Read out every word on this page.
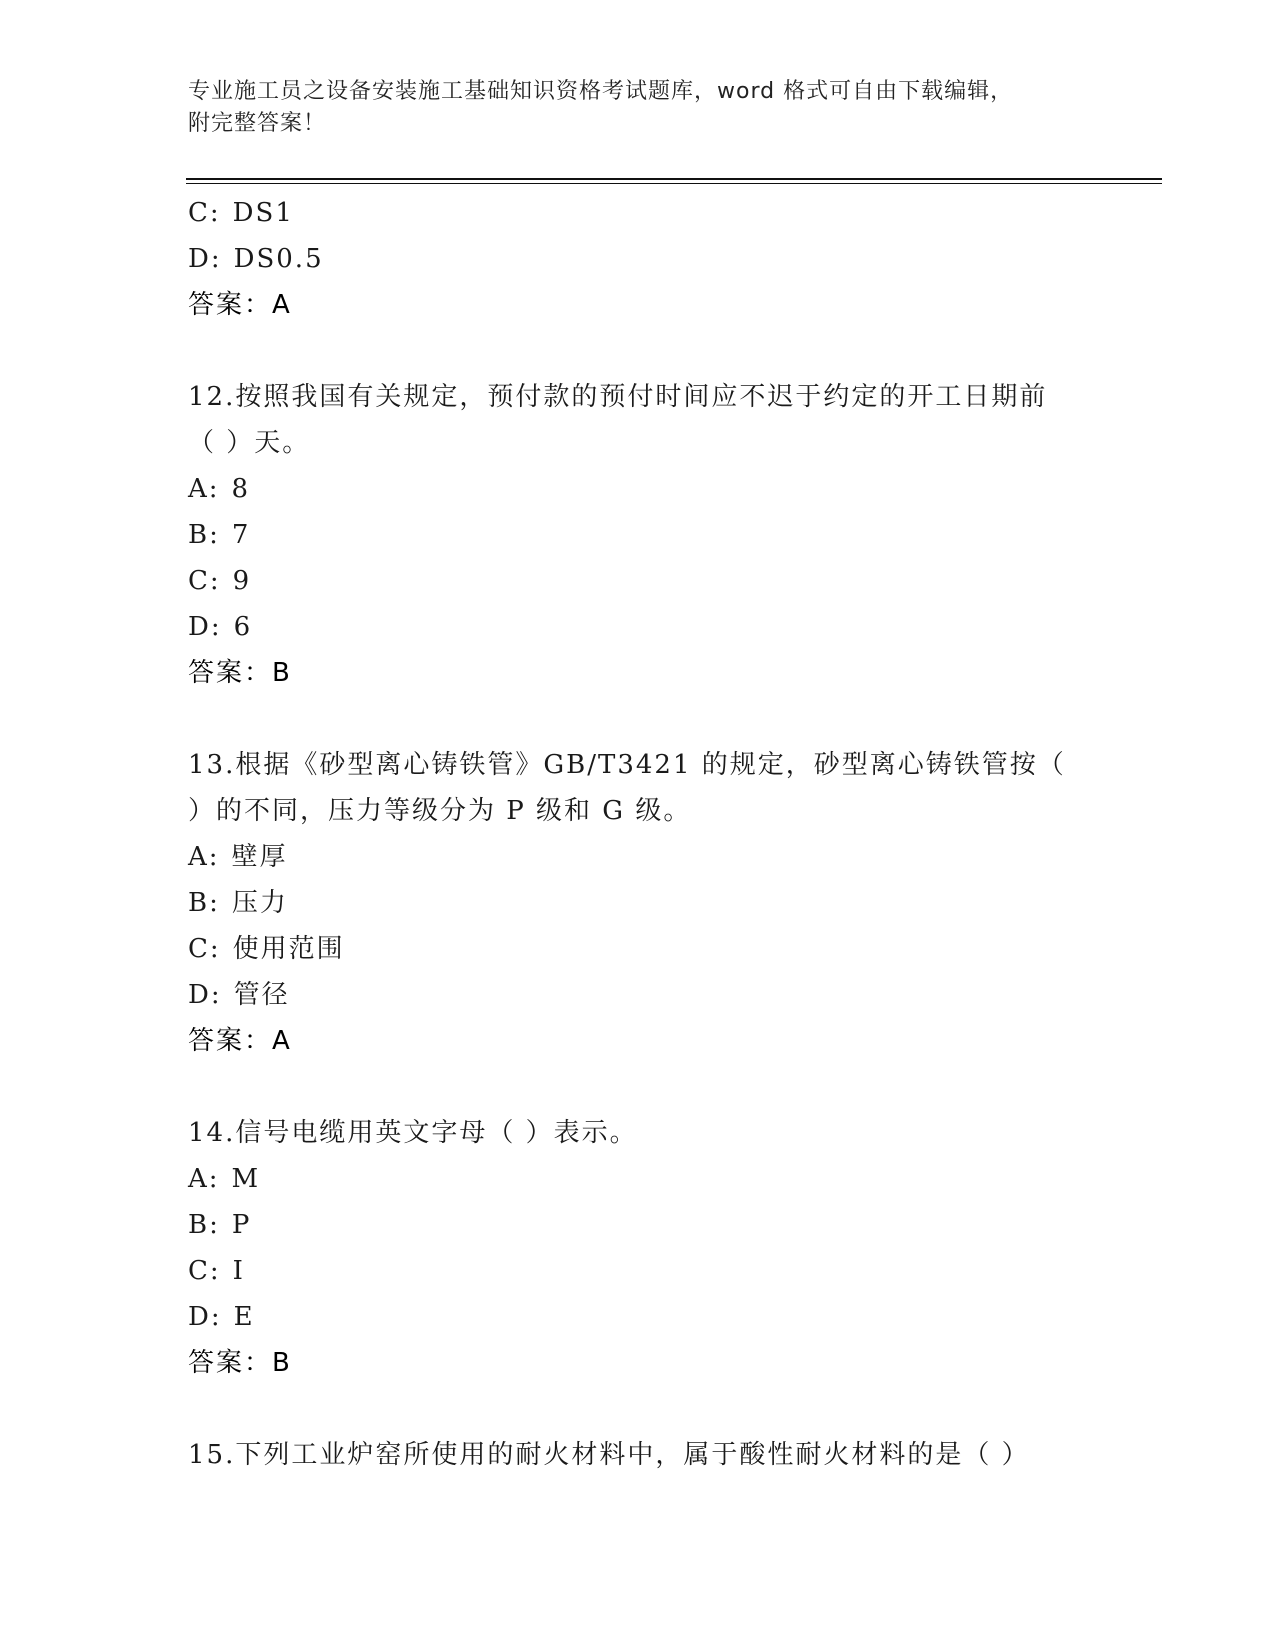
专业施工员之设备安装施工基础知识资格考试题库，word 格式可自由下载编辑，
附完整答案！
C: DS1
D: DS0.5
答案：A
12.按照我国有关规定，预付款的预付时间应不迟于约定的开工日期前
（ ）天。
A: 8
B: 7
C: 9
D: 6
答案：B
13.根据《砂型离心铸铁管》GB/T3421 的规定，砂型离心铸铁管按（
）的不同，压力等级分为 P 级和 G 级。
A: 壁厚
B: 压力
C: 使用范围
D: 管径
答案：A
14.信号电缆用英文字母（ ）表示。
A: M
B: P
C: I
D: E
答案：B
15.下列工业炉窑所使用的耐火材料中，属于酸性耐火材料的是（ ）
